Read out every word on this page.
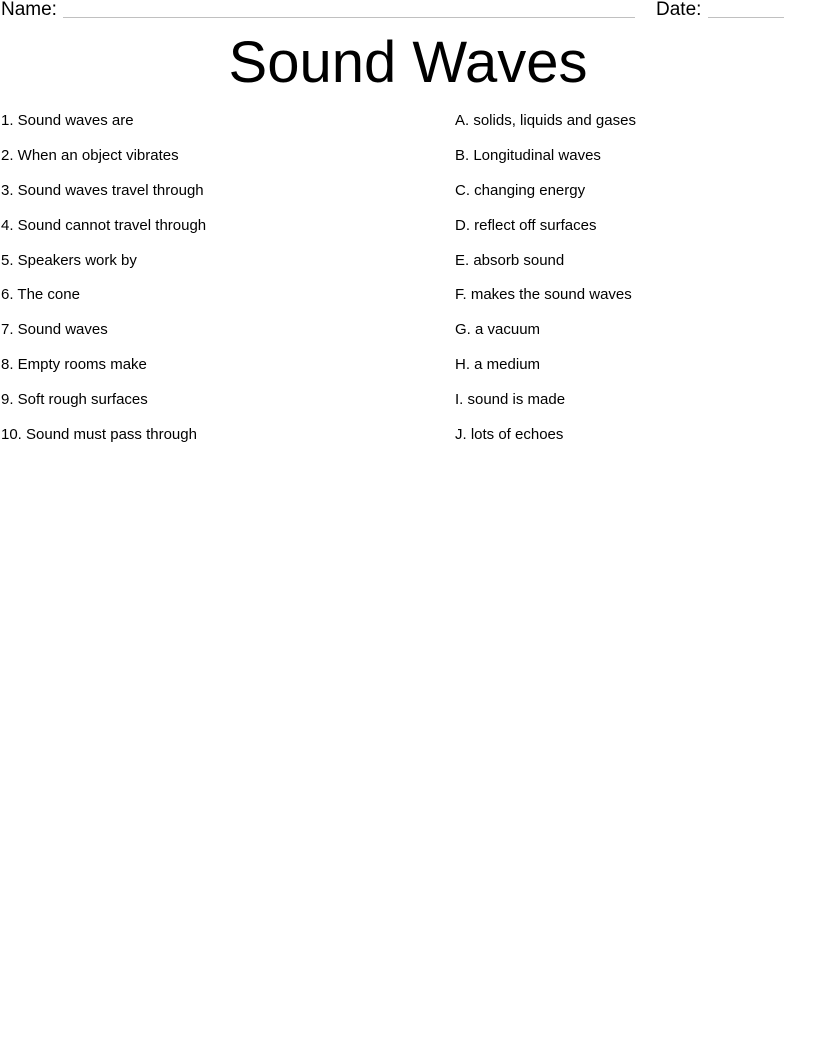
Name:	Date:
Sound Waves
1. Sound waves are
2. When an object vibrates
3. Sound waves travel through
4. Sound cannot travel through
5. Speakers work by
6. The cone
7. Sound waves
8. Empty rooms make
9. Soft rough surfaces
10. Sound must pass through
A. solids, liquids and gases
B. Longitudinal waves
C. changing energy
D. reflect off surfaces
E. absorb sound
F. makes the sound waves
G. a vacuum
H. a medium
I. sound is made
J. lots of echoes
